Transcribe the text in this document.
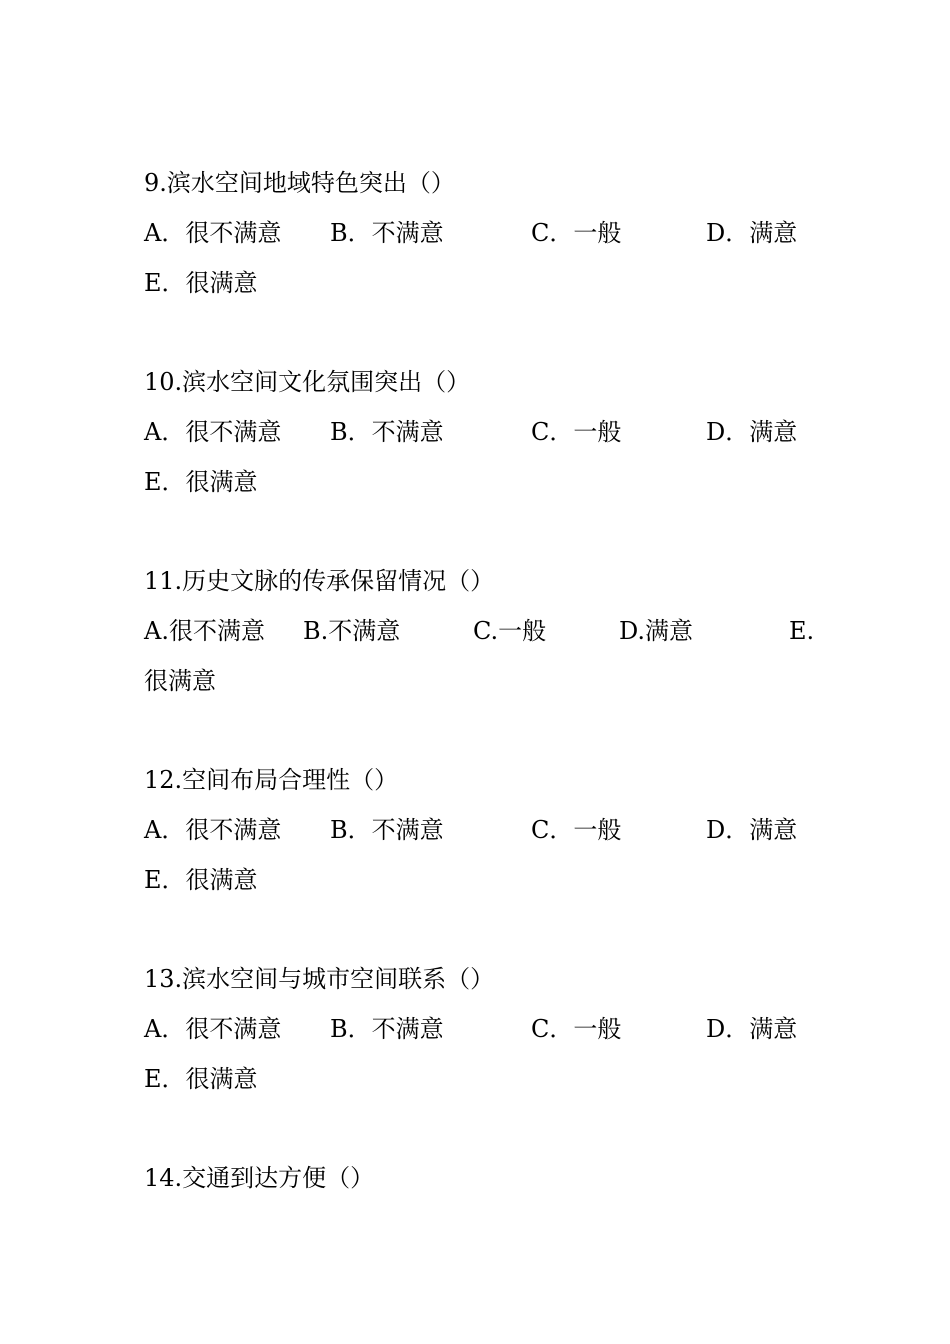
9.滨水空间地域特色突出（）
A．很不满意 B．不满意	C．一般	D．满意
E．很满意
10.滨水空间文化氛围突出（）
A．很不满意 B．不满意	C．一般	D．满意
E．很满意
11.历史文脉的传承保留情况（）
A.很不满意 B.不满意	C.一般	D.满意	E.
很满意
12.空间布局合理性（）
A．很不满意 B．不满意	C．一般	D．满意
E．很满意
13.滨水空间与城市空间联系（）
A．很不满意 B．不满意	C．一般	D．满意
E．很满意
14.交通到达方便（）
